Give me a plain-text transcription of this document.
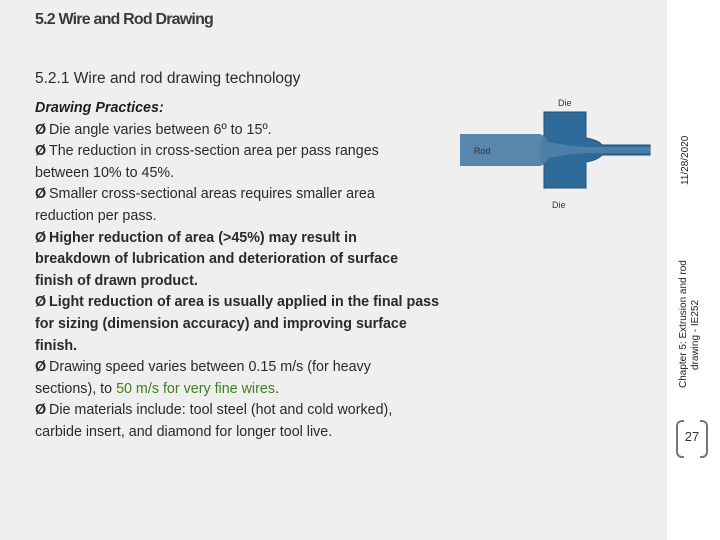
5.2 Wire and Rod Drawing
5.2.1 Wire and rod drawing technology
Drawing Practices:
Ø Die angle varies between 6º to 15º.
Ø The reduction in cross-section area per pass ranges
between 10% to 45%.
Ø Smaller cross-sectional areas requires smaller area
reduction per pass.
Ø Higher reduction of area (>45%) may result in
breakdown of lubrication and deterioration of surface
finish of drawn product.
Ø Light reduction of area is usually applied in the final pass
for sizing (dimension accuracy) and improving surface
finish.
Ø Drawing speed varies between 0.15 m/s (for heavy
sections), to 50 m/s for very fine wires.
Ø Die materials include: tool steel (hot and cold worked),
carbide insert, and diamond for longer tool live.
Die
Rod
Die
11/28/2020
Chapter 5: Extrusion and rod drawing - IE252
27
